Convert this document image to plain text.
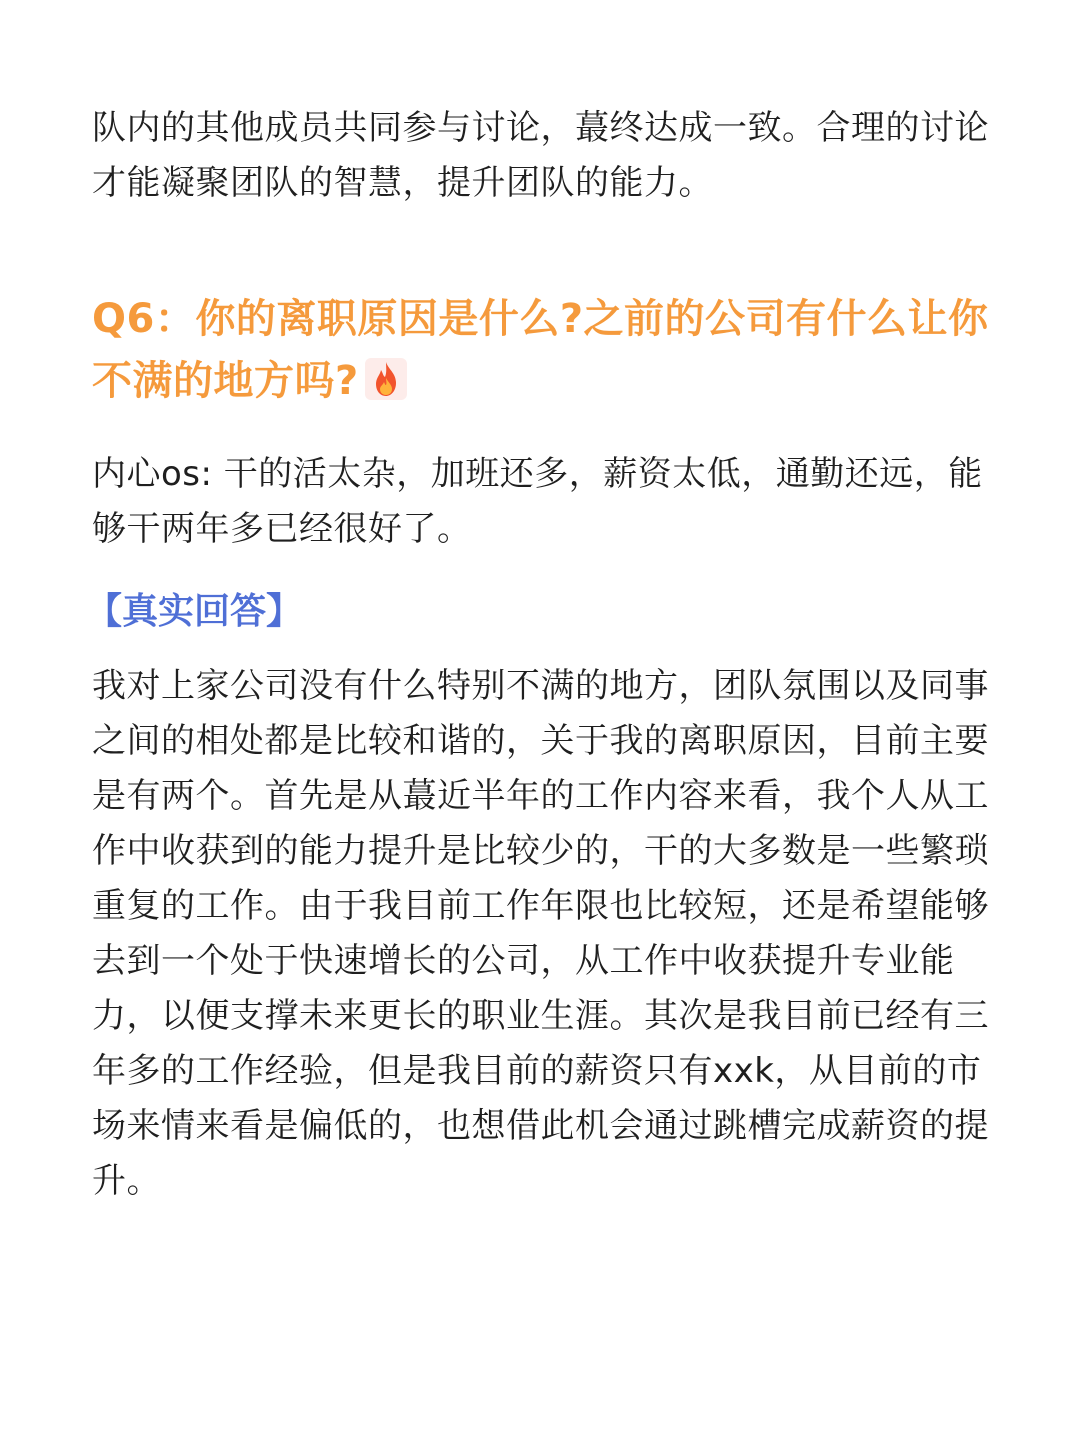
队内的其他成员共同参与讨论，蕞终达成一致。合理的讨论才能凝聚团队的智慧，提升团队的能力。

Q6：你的离职原因是什么?之前的公司有什么让你不满的地方吗?

内心os: 干的活太杂，加班还多，薪资太低，通勤还远，能够干两年多已经很好了。

【真实回答】

我对上家公司没有什么特别不满的地方，团队氛围以及同事之间的相处都是比较和谐的，关于我的离职原因，目前主要是有两个。首先是从蕞近半年的工作内容来看，我个人从工作中收获到的能力提升是比较少的，干的大多数是一些繁琐重复的工作。由于我目前工作年限也比较短，还是希望能够去到一个处于快速增长的公司，从工作中收获提升专业能力，以便支撑未来更长的职业生涯。其次是我目前已经有三年多的工作经验，但是我目前的薪资只有xxk，从目前的市场来情来看是偏低的，也想借此机会通过跳槽完成薪资的提升。
